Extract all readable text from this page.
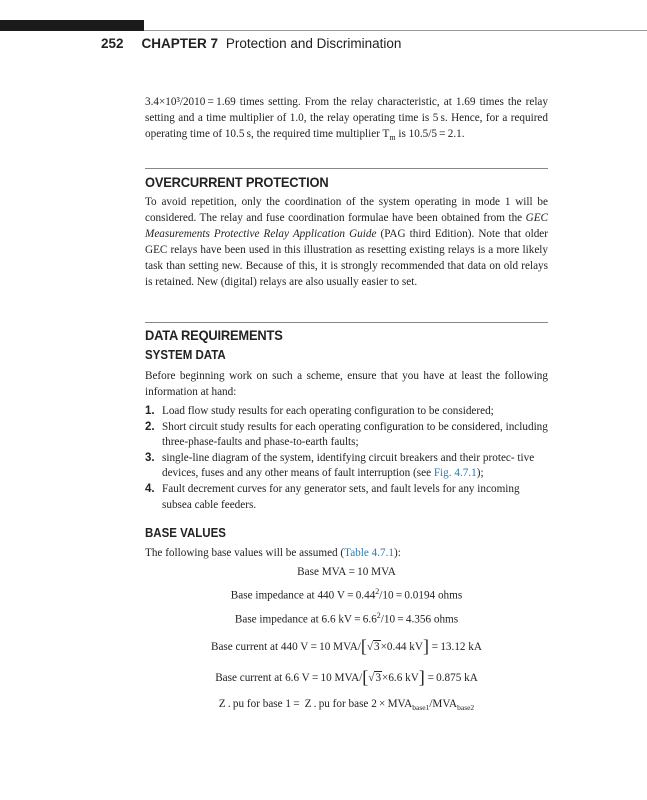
252 CHAPTER 7 Protection and Discrimination

3.4×10³/2010 = 1.69 times setting. From the relay characteristic, at 1.69 times the relay setting and a time multiplier of 1.0, the relay operating time is 5 s. Hence, for a required operating time of 10.5 s, the required time multiplier $T_m$ is 10.5/5 = 2.1.

OVERCURRENT PROTECTION

To avoid repetition, only the coordination of the system operating in mode 1 will be considered. The relay and fuse coordination formulae have been obtained from the GEC Measurements Protective Relay Application Guide (PAG third Edition). Note that older GEC relays have been used in this illustration as resetting existing relays is a more likely task than setting new. Because of this, it is strongly recommended that data on old relays is retained. New (digital) relays are also usually easier to set.

DATA REQUIREMENTS
SYSTEM DATA

Before beginning work on such a scheme, ensure that you have at least the following information at hand:

1. Load flow study results for each operating configuration to be considered;
2. Short circuit study results for each operating configuration to be considered, including three-phase-faults and phase-to-earth faults;
3. single-line diagram of the system, identifying circuit breakers and their protec- tive devices, fuses and any other means of fault interruption (see Fig. 4.7.1);
4. Fault decrement curves for any generator sets, and fault levels for any incoming subsea cable feeders.
BASE VALUES

The following base values will be assumed (Table 4.7.1):

Base MVA = 10 MVA
Base impedance at 440 $V = 0.44^2/10 = 0.0194$ ohms
Base impedance at 6.6 kV = $6.6^2/10 = 4.356$ ohms
Base current at 440 V = 10 MVA/[√3×0.44 kV] = 13.12 kA
Base current at 6.6 V = 10 MVA/[√3×6.6 kV] = 0.875 kA
Z . pu for base 1 =  Z . pu for base $2 \times MVA_{base1}/MVA_{base2}$
